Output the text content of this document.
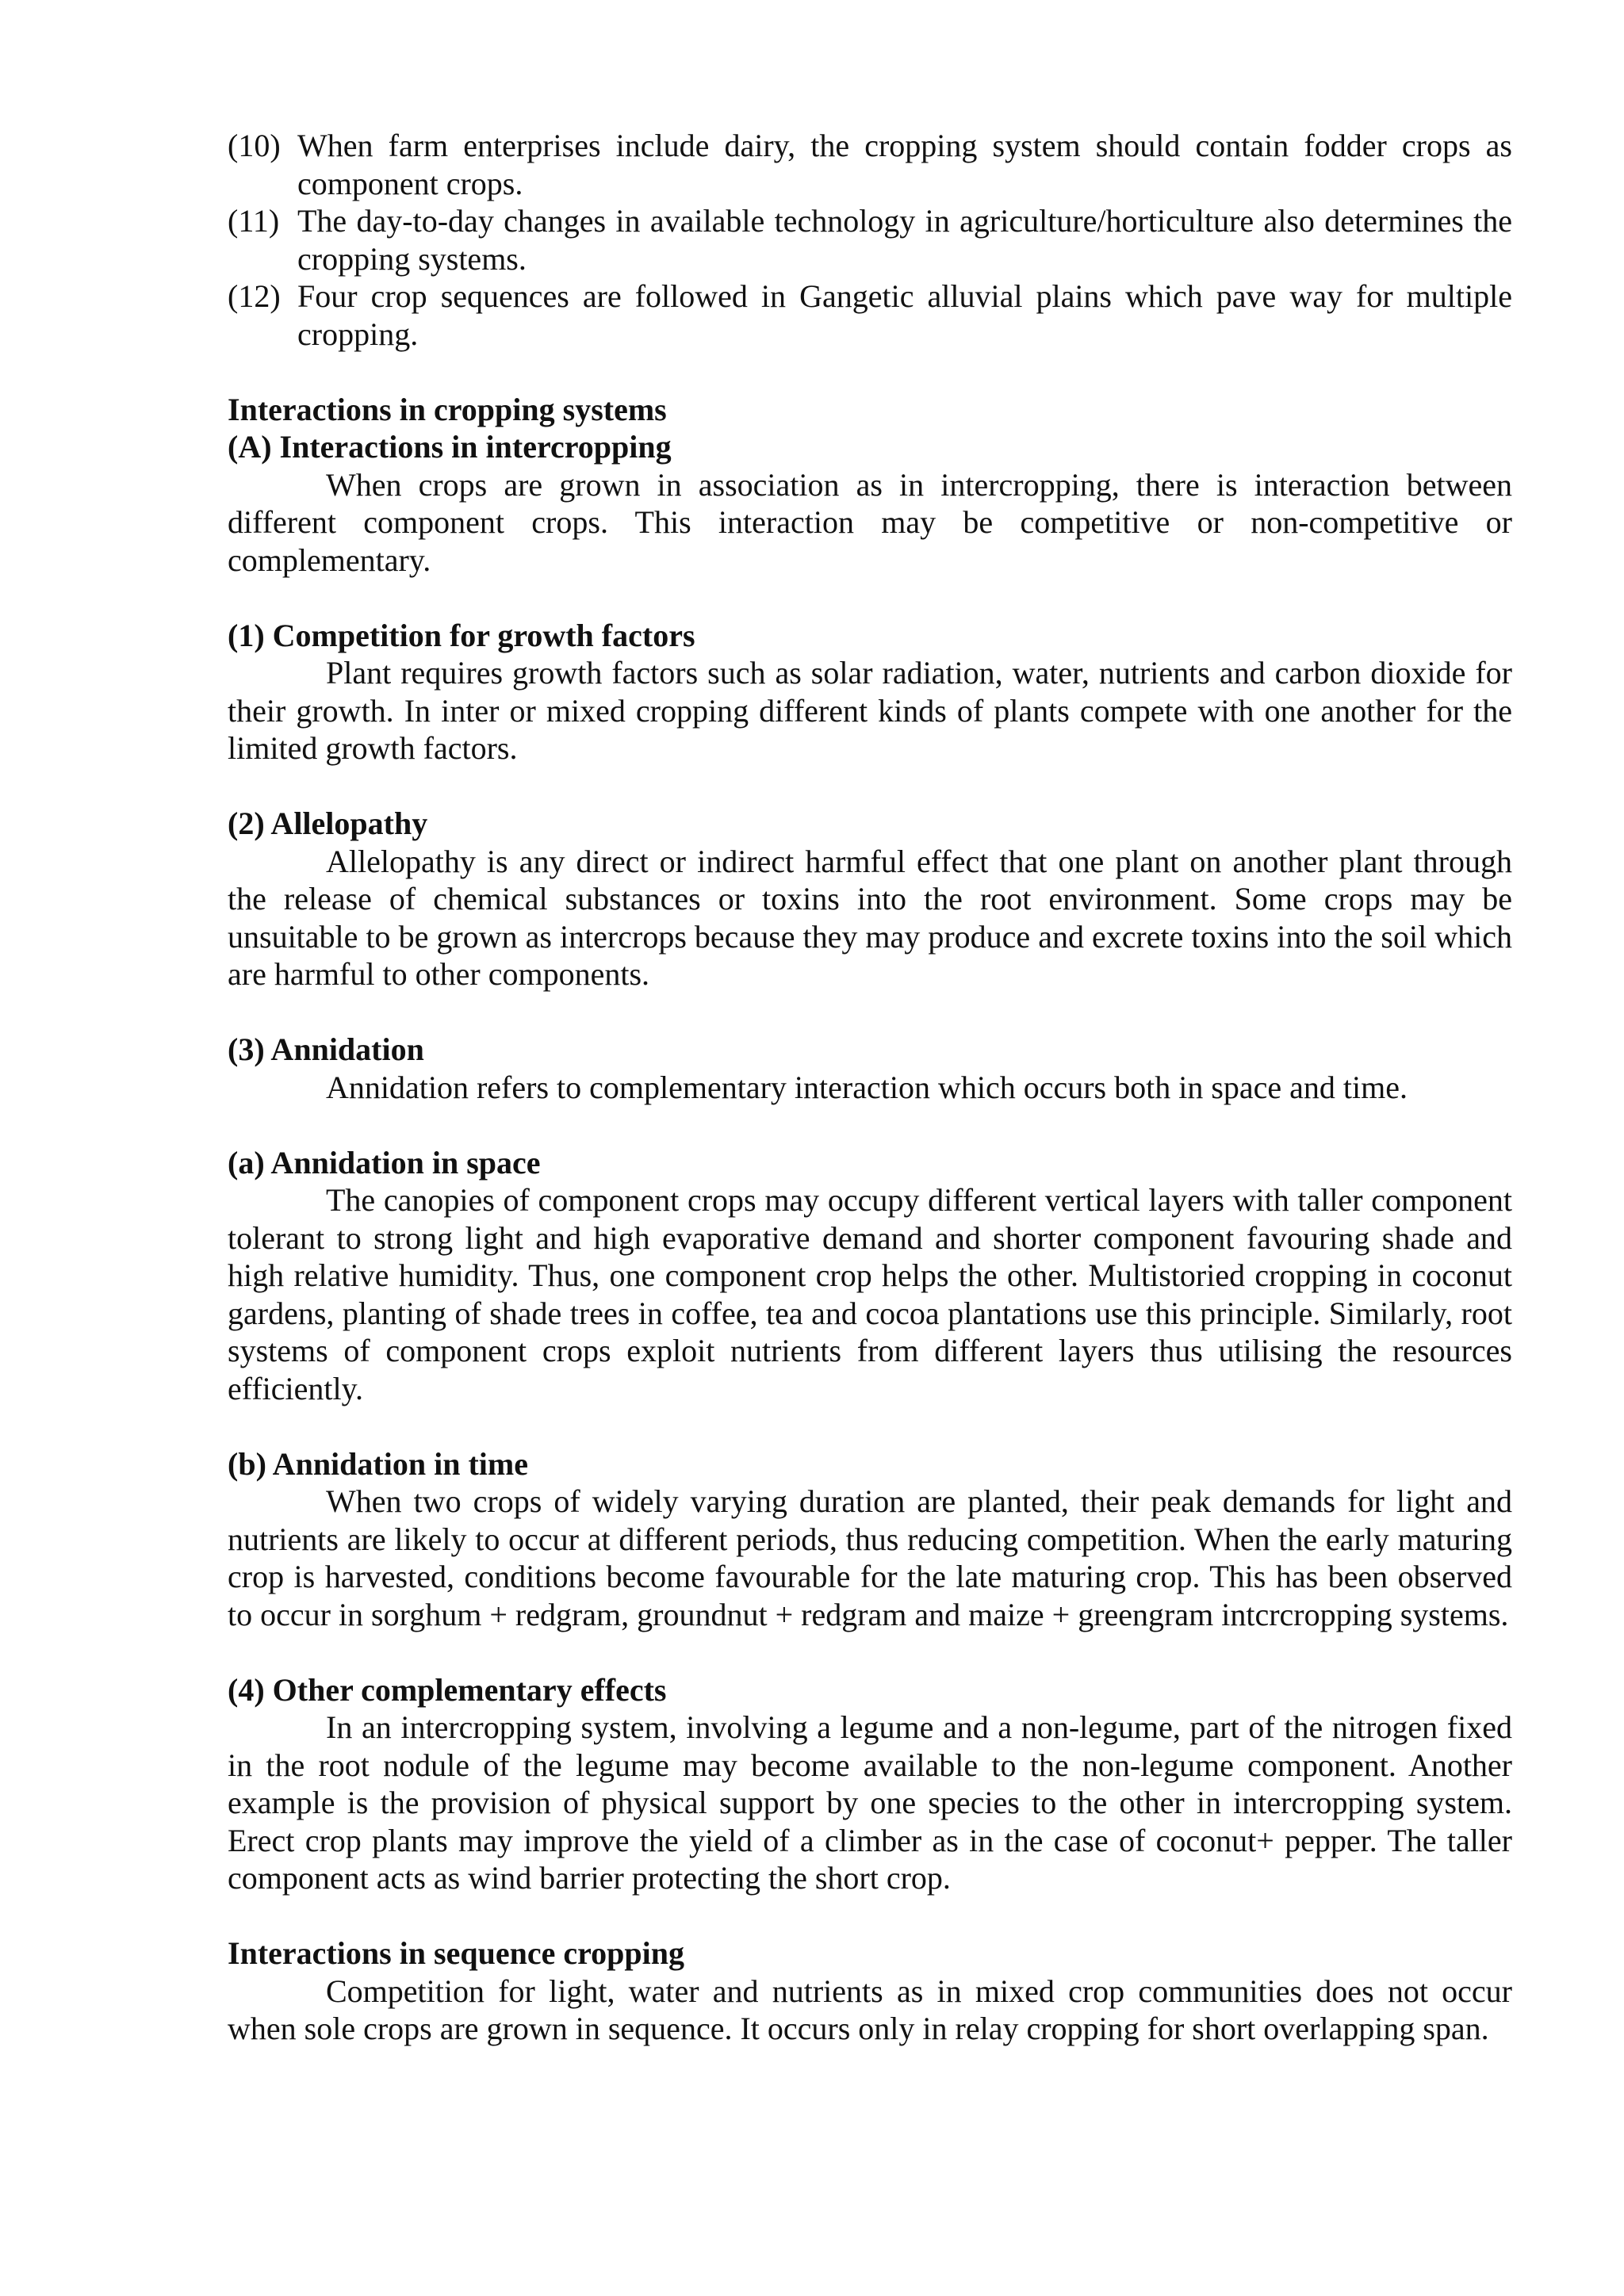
(10) When farm enterprises include dairy, the cropping system should contain fodder crops as component crops.
(11) The day-to-day changes in available technology in agriculture/horticulture also determines the cropping systems.
(12) Four crop sequences are followed in Gangetic alluvial plains which pave way for multiple cropping.

Interactions in cropping systems

(A) Interactions in intercropping

When crops are grown in association as in intercropping, there is interaction between different component crops. This interaction may be competitive or non-competitive or complementary.

(1) Competition for growth factors

Plant requires growth factors such as solar radiation, water, nutrients and carbon dioxide for their growth. In inter or mixed cropping different kinds of plants compete with one another for the limited growth factors.

(2) Allelopathy

Allelopathy is any direct or indirect harmful effect that one plant on another plant through the release of chemical substances or toxins into the root environment. Some crops may be unsuitable to be grown as intercrops because they may produce and excrete toxins into the soil which are harmful to other components.

(3) Annidation

Annidation refers to complementary interaction which occurs both in space and time.

(a) Annidation in space

The canopies of component crops may occupy different vertical layers with taller component tolerant to strong light and high evaporative demand and shorter component favouring shade and high relative humidity. Thus, one component crop helps the other. Multistoried cropping in coconut gardens, planting of shade trees in coffee, tea and cocoa plantations use this principle. Similarly, root systems of component crops exploit nutrients from different layers thus utilising the resources efficiently.

(b) Annidation in time

When two crops of widely varying duration are planted, their peak demands for light and nutrients are likely to occur at different periods, thus reducing competition. When the early maturing crop is harvested, conditions become favourable for the late maturing crop. This has been observed to occur in sorghum + redgram, groundnut + redgram and maize + greengram intcrcropping systems.

(4) Other complementary effects

In an intercropping system, involving a legume and a non-legume, part of the nitrogen fixed in the root nodule of the legume may become available to the non-legume component. Another example is the provision of physical support by one species to the other in intercropping system. Erect crop plants may improve the yield of a climber as in the case of coconut+ pepper. The taller component acts as wind barrier protecting the short crop.

Interactions in sequence cropping

Competition for light, water and nutrients as in mixed crop communities does not occur when sole crops are grown in sequence. It occurs only in relay cropping for short overlapping span.
